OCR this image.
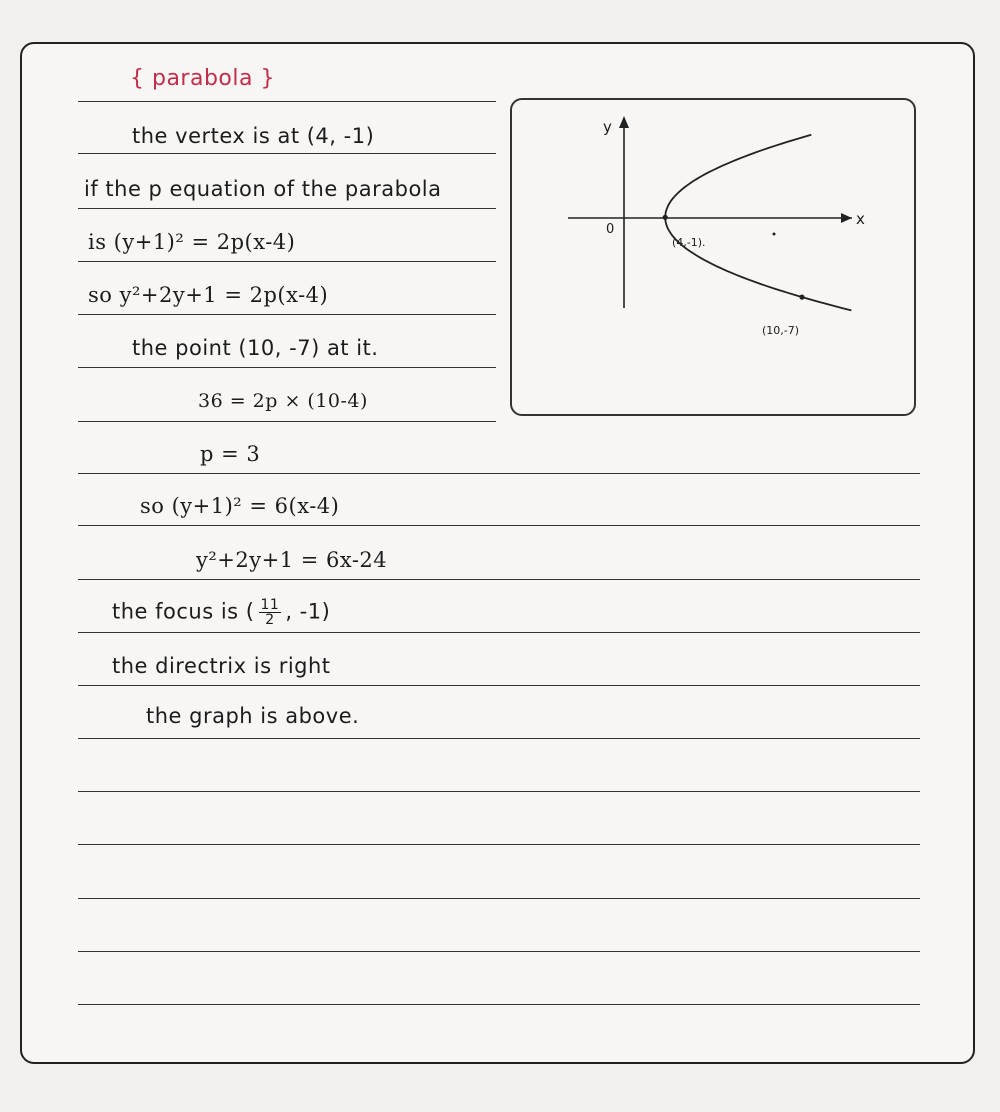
{ parabola }
the vertex is at (4, -1)
if the p equation of the parabola
is (y+1)² = 2p(x-4)
so y²+2y+1 = 2p(x-4)
the point (10, -7) at it.
36 = 2p × (10-4)
p = 3
so (y+1)² = 6(x-4)
y²+2y+1 = 6x-24
the focus is ( $\frac{11}{2}$ , -1)
the directrix is right
the graph is above.
x
y
0
(4,-1).
(10,-7)
